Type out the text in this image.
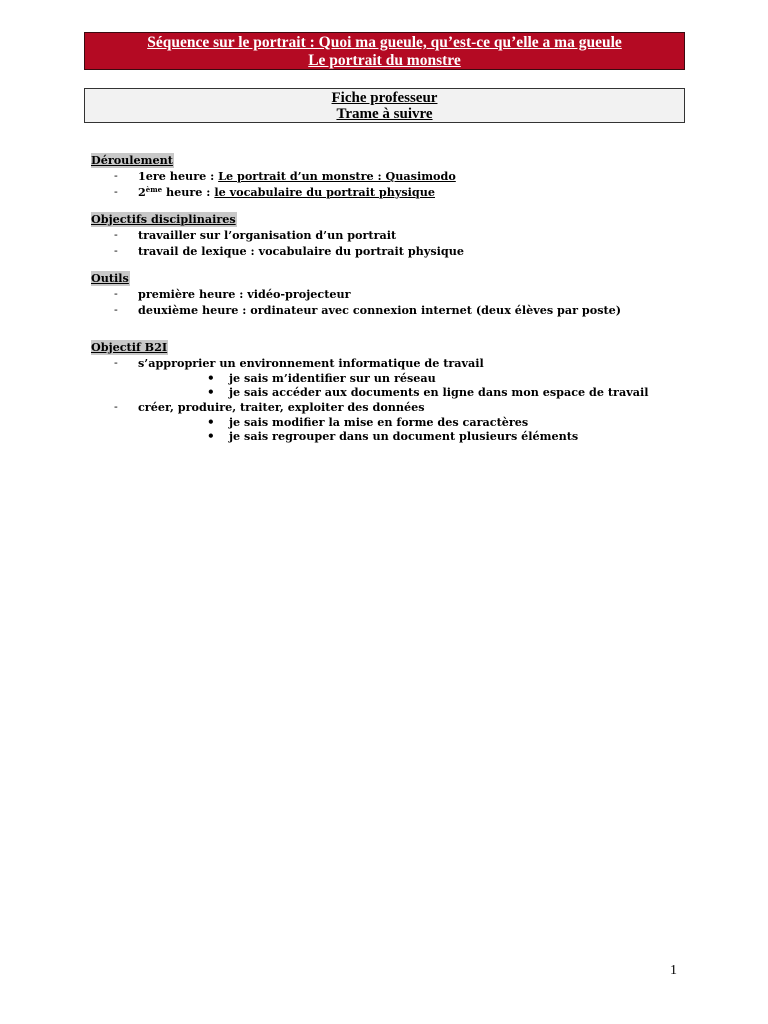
Séquence sur le portrait : Quoi ma gueule, qu’est-ce qu’elle a ma gueule
Le portrait du monstre
Fiche professeur
Trame à suivre
Déroulement
- 1ere heure : Le portrait d’un monstre : Quasimodo
- 2ème heure : le vocabulaire du portrait physique
Objectifs disciplinaires
- travailler sur l’organisation d’un portrait
- travail de lexique : vocabulaire du portrait physique
Outils
- première heure : vidéo-projecteur
- deuxième heure : ordinateur avec connexion internet (deux élèves par poste)
Objectif B2I
- s’approprier un environnement informatique de travail
• je sais m’identifier sur un réseau
• je sais accéder aux documents en ligne dans mon espace de travail
- créer, produire, traiter, exploiter des données
• je sais modifier la mise en forme des caractères
• je sais regrouper dans un document plusieurs éléments
1
